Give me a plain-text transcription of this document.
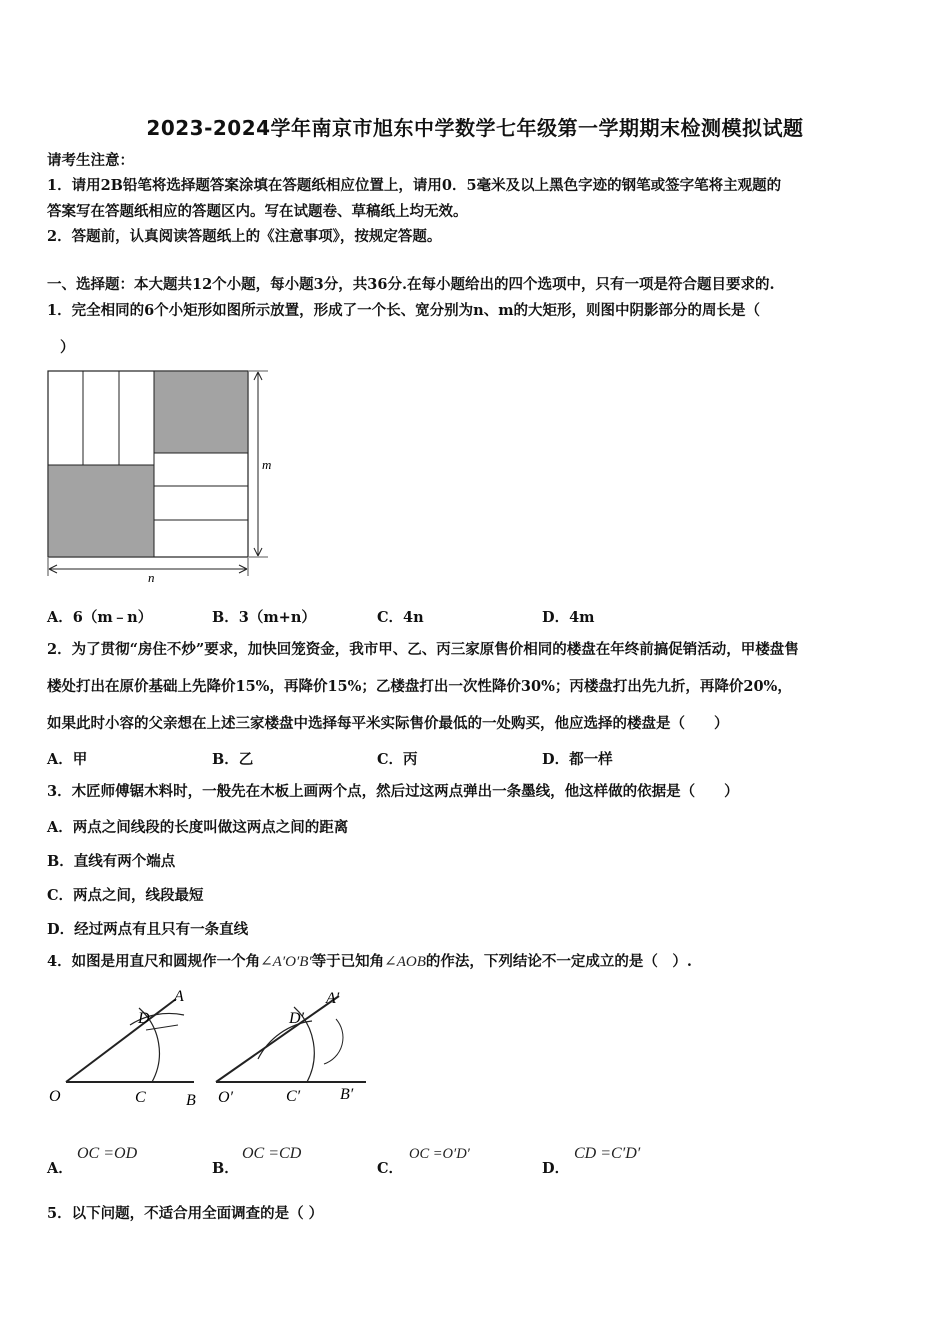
2023-2024学年南京市旭东中学数学七年级第一学期期末检测模拟试题
请考生注意：
1．请用2B铅笔将选择题答案涂填在答题纸相应位置上，请用0．5毫米及以上黑色字迹的钢笔或签字笔将主观题的
答案写在答题纸相应的答题区内。写在试题卷、草稿纸上均无效。
2．答题前，认真阅读答题纸上的《注意事项》，按规定答题。
一、选择题：本大题共12个小题，每小题3分，共36分.在每小题给出的四个选项中，只有一项是符合题目要求的.
1．完全相同的6个小矩形如图所示放置，形成了一个长、宽分别为n、m的大矩形，则图中阴影部分的周长是（
）
m
n
A．6（m﹣n）	B．3（m+n）	C．4n	D．4m
2．为了贯彻“房住不炒”要求，加快回笼资金，我市甲、乙、丙三家原售价相同的楼盘在年终前搞促销活动，甲楼盘售
楼处打出在原价基础上先降价15%，再降价15%；乙楼盘打出一次性降价30%；丙楼盘打出先九折，再降价20%，
如果此时小容的父亲想在上述三家楼盘中选择每平米实际售价最低的一处购买，他应选择的楼盘是（　　）
A．甲	B．乙	C．丙	D．都一样
3．木匠师傅锯木料时，一般先在木板上画两个点，然后过这两点弹出一条墨线，他这样做的依据是（　　）
A．两点之间线段的长度叫做这两点之间的距离
B．直线有两个端点
C．两点之间，线段最短
D．经过两点有且只有一条直线
4．如图是用直尺和圆规作一个角∠A′O′B′等于已知角∠AOB的作法，下列结论不一定成立的是（　）.
A
D
O	C	B
A′
D′
O′	C′ B′
A．
OC =OD
B．
OC =CD
C．
OC =O′D′
D．
CD =C′D′
5．以下问题，不适合用全面调查的是（ ）
